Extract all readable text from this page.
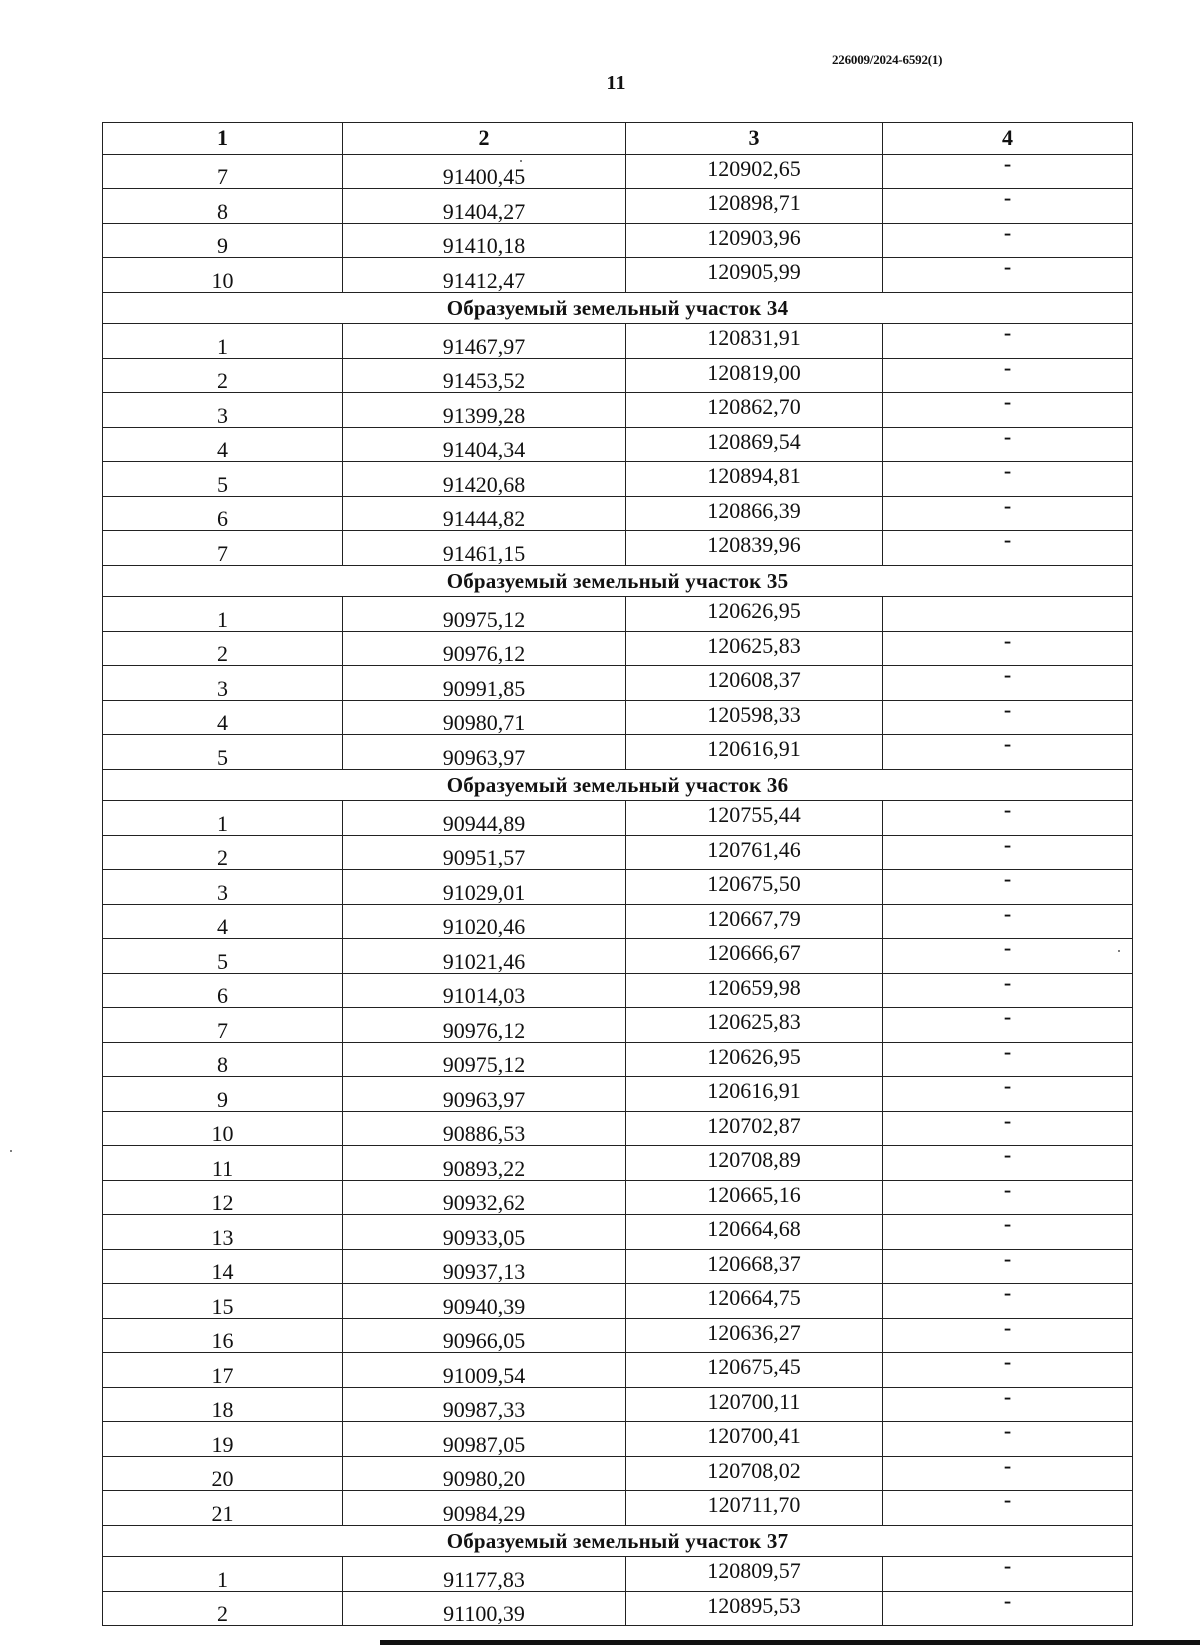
226009/2024-6592(1)
11
1	2	3	4
7	91400,45	120902,65	-
8	91404,27	120898,71	-
9	91410,18	120903,96	-
10	91412,47	120905,99	-
Образуемый земельный участок 34			
1	91467,97	120831,91	-
2	91453,52	120819,00	-
3	91399,28	120862,70	-
4	91404,34	120869,54	-
5	91420,68	120894,81	-
6	91444,82	120866,39	-
7	91461,15	120839,96	-
Образуемый земельный участок 35			
1	90975,12	120626,95	
2	90976,12	120625,83	-
3	90991,85	120608,37	-
4	90980,71	120598,33	-
5	90963,97	120616,91	-
Образуемый земельный участок 36			
1	90944,89	120755,44	-
2	90951,57	120761,46	-
3	91029,01	120675,50	-
4	91020,46	120667,79	-
5	91021,46	120666,67	-
6	91014,03	120659,98	-
7	90976,12	120625,83	-
8	90975,12	120626,95	-
9	90963,97	120616,91	-
10	90886,53	120702,87	-
11	90893,22	120708,89	-
12	90932,62	120665,16	-
13	90933,05	120664,68	-
14	90937,13	120668,37	-
15	90940,39	120664,75	-
16	90966,05	120636,27	-
17	91009,54	120675,45	-
18	90987,33	120700,11	-
19	90987,05	120700,41	-
20	90980,20	120708,02	-
21	90984,29	120711,70	-
Образуемый земельный участок 37			
1	91177,83	120809,57	-
2	91100,39	120895,53	-
